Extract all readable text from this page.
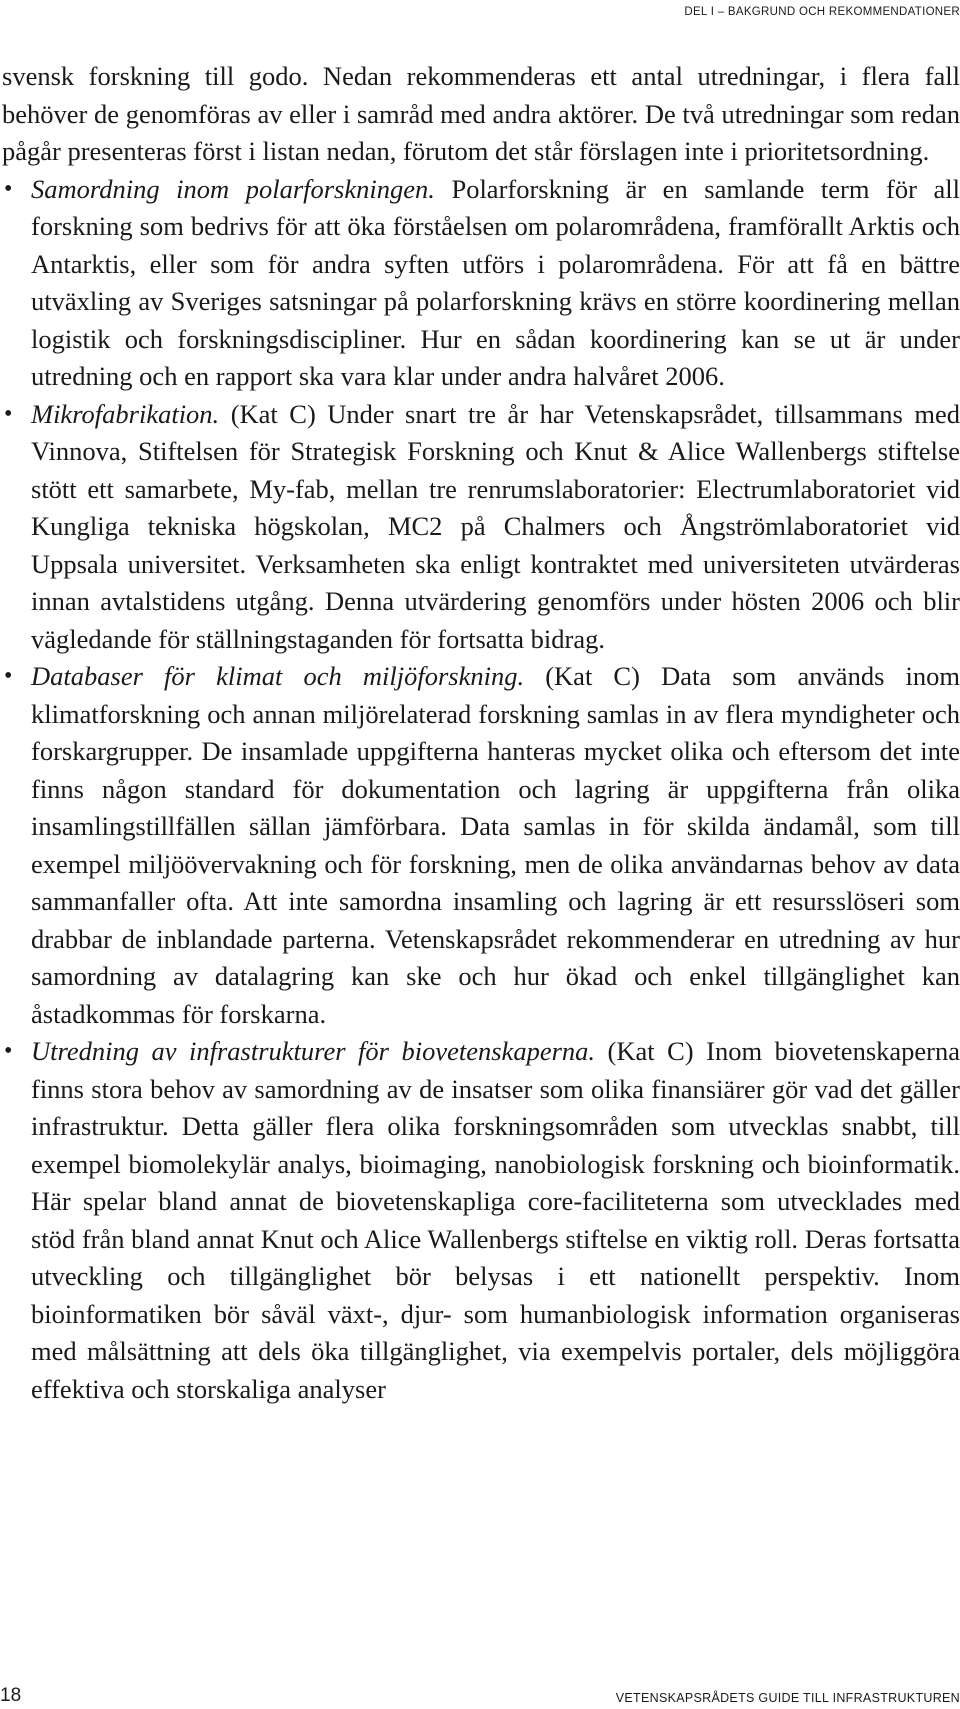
DEL I – BAKGRUND OCH REKOMMENDATIONER

svensk forskning till godo. Nedan rekommenderas ett antal utredningar, i flera fall behöver de genomföras av eller i samråd med andra aktörer. De två utredningar som redan pågår presenteras först i listan nedan, förutom det står förslagen inte i prioritetsordning.

• Samordning inom polarforskningen. Polarforskning är en samlande term för all forskning som bedrivs för att öka förståelsen om polarområdena, framförallt Arktis och Antarktis, eller som för andra syften utförs i polarområdena. För att få en bättre utväxling av Sveriges satsningar på polarforskning krävs en större koordinering mellan logistik och forskningsdiscipliner. Hur en sådan koordinering kan se ut är under utredning och en rapport ska vara klar under andra halvåret 2006.
• Mikrofabrikation. (Kat C) Under snart tre år har Vetenskapsrådet, tillsammans med Vinnova, Stiftelsen för Strategisk Forskning och Knut & Alice Wallenbergs stiftelse stött ett samarbete, My-fab, mellan tre renrumslaboratorier: Electrumlaboratoriet vid Kungliga tekniska högskolan, MC2 på Chalmers och Ångströmlaboratoriet vid Uppsala universitet. Verksamheten ska enligt kontraktet med universiteten utvärderas innan avtalstidens utgång. Denna utvärdering genomförs under hösten 2006 och blir vägledande för ställningstaganden för fortsatta bidrag.
• Databaser för klimat och miljöforskning. (Kat C) Data som används inom klimatforskning och annan miljörelaterad forskning samlas in av flera myndigheter och forskargrupper. De insamlade uppgifterna hanteras mycket olika och eftersom det inte finns någon standard för dokumentation och lagring är uppgifterna från olika insamlingstillfällen sällan jämförbara. Data samlas in för skilda ändamål, som till exempel miljöövervakning och för forskning, men de olika användarnas behov av data sammanfaller ofta. Att inte samordna insamling och lagring är ett resursslöseri som drabbar de inblandade parterna. Vetenskapsrådet rekommenderar en utredning av hur samordning av datalagring kan ske och hur ökad och enkel tillgänglighet kan åstadkommas för forskarna.
• Utredning av infrastrukturer för biovetenskaperna. (Kat C) Inom biovetenskaperna finns stora behov av samordning av de insatser som olika finansiärer gör vad det gäller infrastruktur. Detta gäller flera olika forskningsområden som utvecklas snabbt, till exempel biomolekylär analys, bioimaging, nanobiologisk forskning och bioinformatik. Här spelar bland annat de biovetenskapliga core-faciliteterna som utvecklades med stöd från bland annat Knut och Alice Wallenbergs stiftelse en viktig roll. Deras fortsatta utveckling och tillgänglighet bör belysas i ett nationellt perspektiv. Inom bioinformatiken bör såväl växt-, djur- som humanbiologisk information organiseras med målsättning att dels öka tillgänglighet, via exempelvis portaler, dels möjliggöra effektiva och storskaliga analyser
18	VETENSKAPSRÅDETS GUIDE TILL INFRASTRUKTUREN
